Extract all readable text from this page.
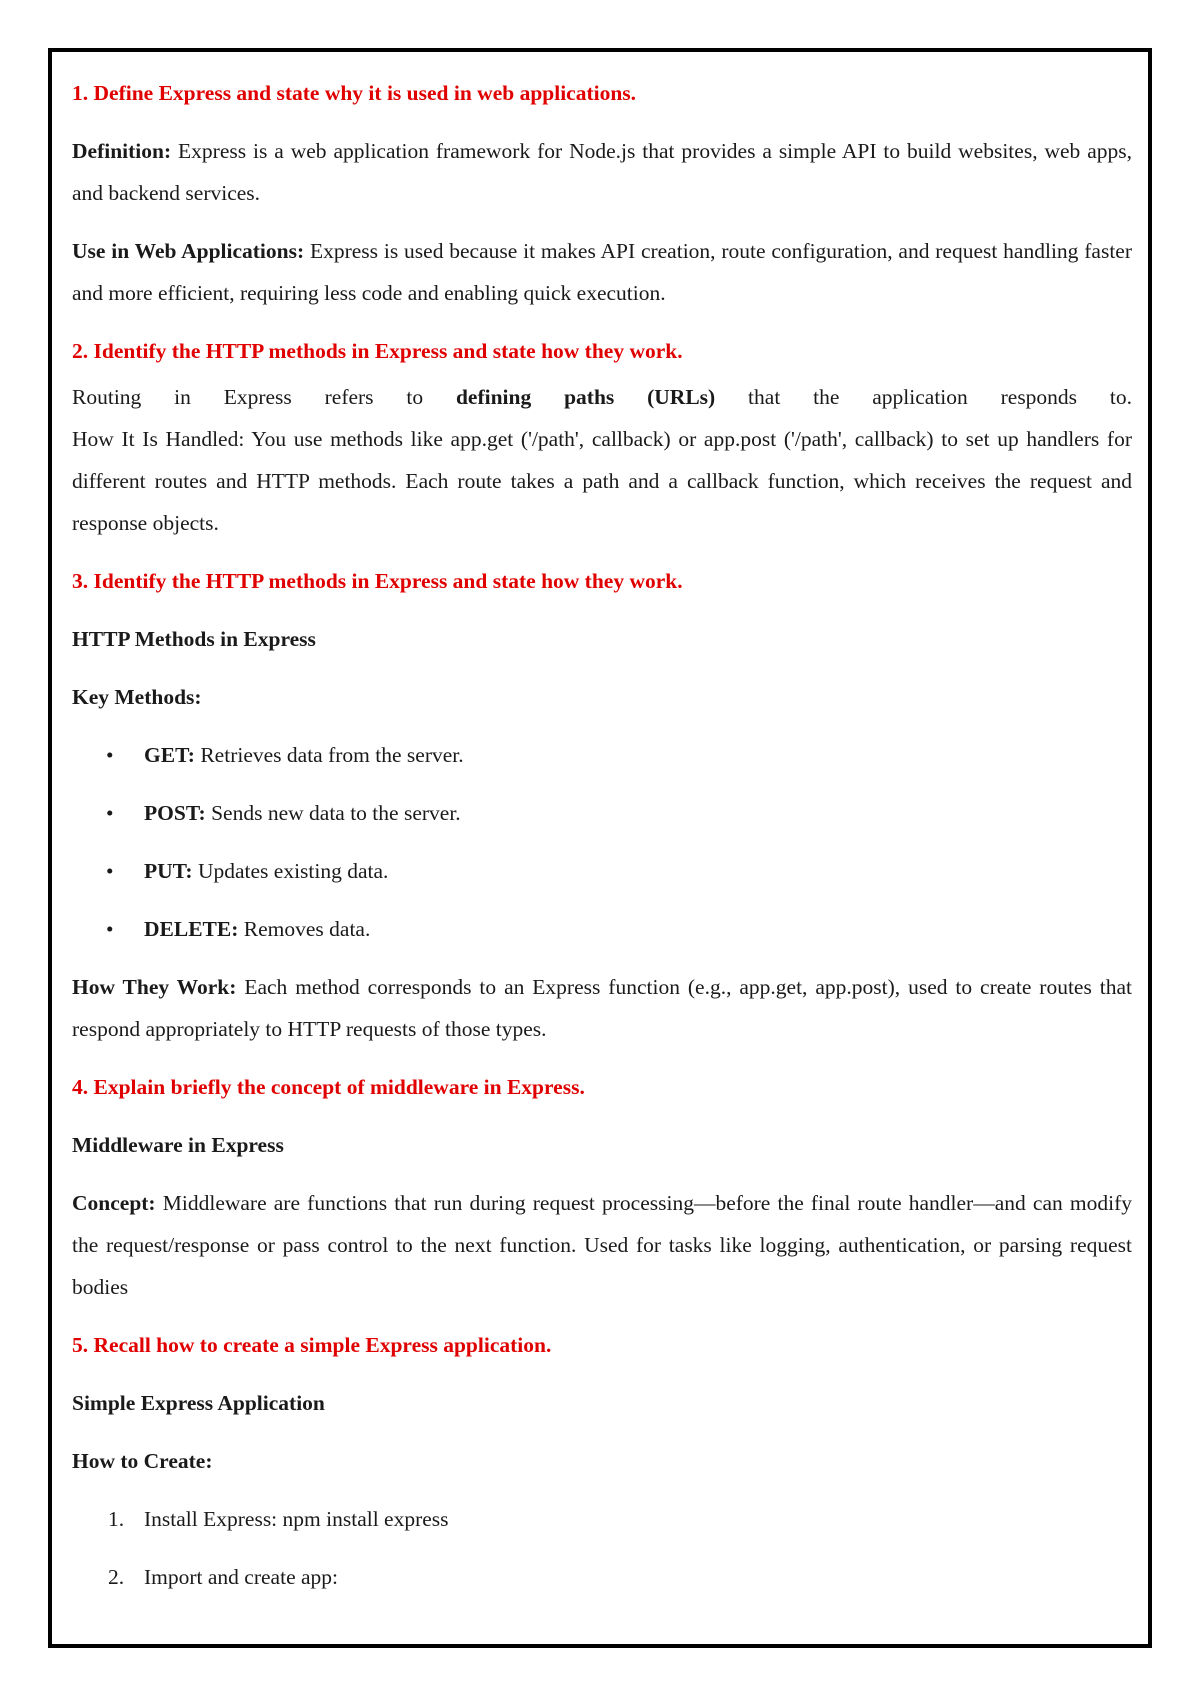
1. Define Express and state why it is used in web applications.

Definition: Express is a web application framework for Node.js that provides a simple API to build websites, web apps, and backend services.

Use in Web Applications: Express is used because it makes API creation, route configuration, and request handling faster and more efficient, requiring less code and enabling quick execution.

2. Identify the HTTP methods in Express and state how they work.

Routing in Express refers to defining paths (URLs) that the application responds to.

How It Is Handled: You use methods like app.get ('/path', callback) or app.post ('/path', callback) to set up handlers for different routes and HTTP methods. Each route takes a path and a callback function, which receives the request and response objects.

3. Identify the HTTP methods in Express and state how they work.

HTTP Methods in Express

Key Methods:

• GET: Retrieves data from the server.
• POST: Sends new data to the server.
• PUT: Updates existing data.
• DELETE: Removes data.

How They Work: Each method corresponds to an Express function (e.g., app.get, app.post), used to create routes that respond appropriately to HTTP requests of those types.

4. Explain briefly the concept of middleware in Express.

Middleware in Express

Concept: Middleware are functions that run during request processing—before the final route handler—and can modify the request/response or pass control to the next function. Used for tasks like logging, authentication, or parsing request bodies

5. Recall how to create a simple Express application.

Simple Express Application

How to Create:

1. Install Express: npm install express
2. Import and create app:
